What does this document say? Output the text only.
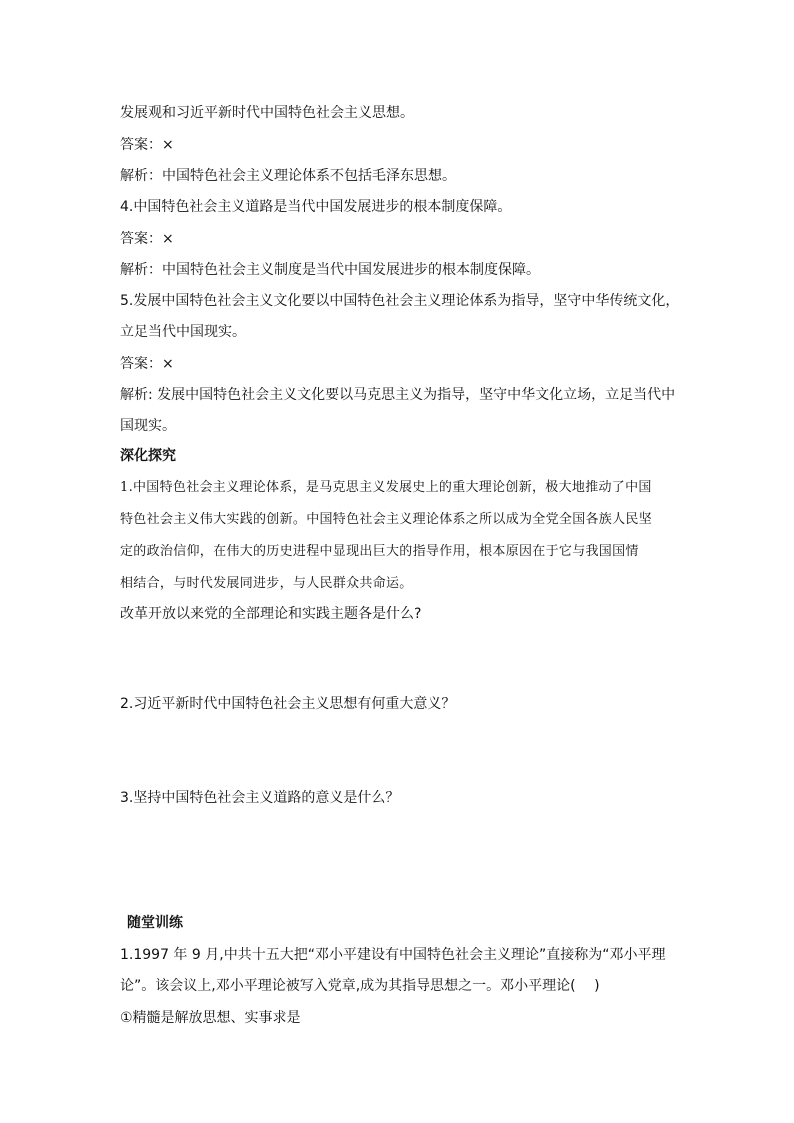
发展观和习近平新时代中国特色社会主义思想。
答案：×
解析：中国特色社会主义理论体系不包括毛泽东思想。
4.中国特色社会主义道路是当代中国发展进步的根本制度保障。
答案：×
解析：中国特色社会主义制度是当代中国发展进步的根本制度保障。
5.发展中国特色社会主义文化要以中国特色社会主义理论体系为指导，坚守中华传统文化，
立足当代中国现实。
答案：×
解析: 发展中国特色社会主义文化要以马克思主义为指导，坚守中华文化立场，立足当代中
国现实。
深化探究
1.中国特色社会主义理论体系，是马克思主义发展史上的重大理论创新，极大地推动了中国
特色社会主义伟大实践的创新。中国特色社会主义理论体系之所以成为全党全国各族人民坚
定的政治信仰，在伟大的历史进程中显现出巨大的指导作用，根本原因在于它与我国国情
相结合，与时代发展同进步，与人民群众共命运。
改革开放以来党的全部理论和实践主题各是什么?
2.习近平新时代中国特色社会主义思想有何重大意义？
3.坚持中国特色社会主义道路的意义是什么？
随堂训练
1.1997 年 9 月,中共十五大把“邓小平建设有中国特色社会主义理论”直接称为“邓小平理
论”。该会议上,邓小平理论被写入党章,成为其指导思想之一。邓小平理论(　 )
①精髓是解放思想、实事求是
